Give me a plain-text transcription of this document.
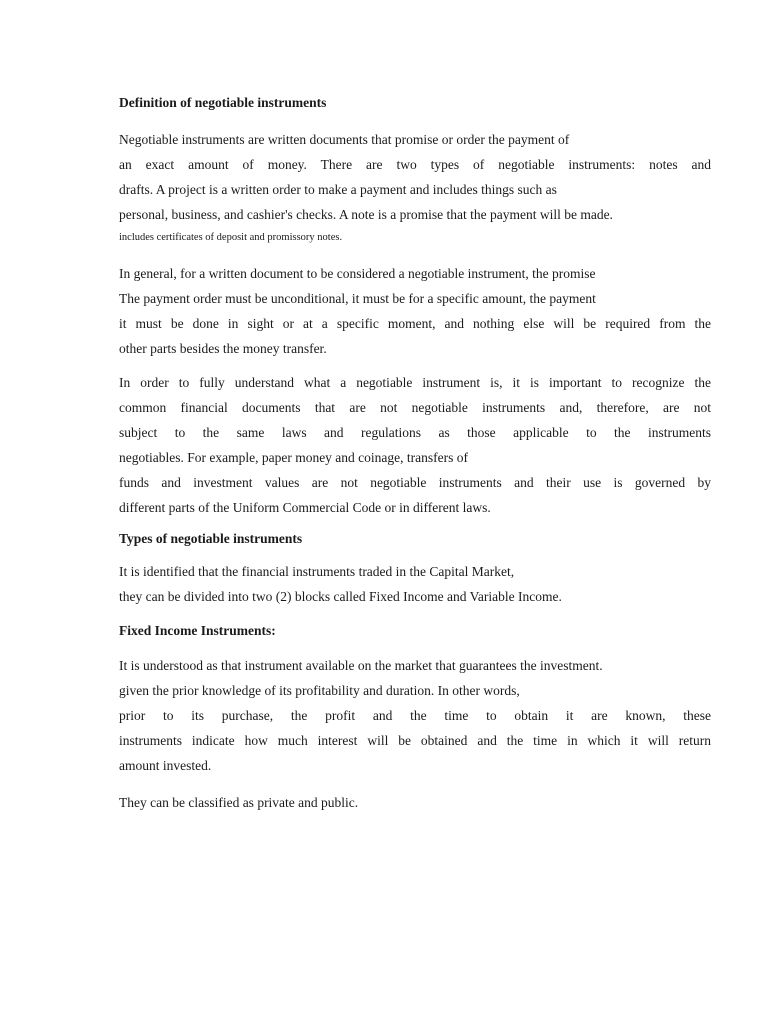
Definition of negotiable instruments
Negotiable instruments are written documents that promise or order the payment of
an exact amount of money. There are two types of negotiable instruments: notes and
drafts. A project is a written order to make a payment and includes things such as
personal, business, and cashier's checks. A note is a promise that the payment will be made.
includes certificates of deposit and promissory notes.
In general, for a written document to be considered a negotiable instrument, the promise
The payment order must be unconditional, it must be for a specific amount, the payment
it must be done in sight or at a specific moment, and nothing else will be required from the
other parts besides the money transfer.
In order to fully understand what a negotiable instrument is, it is important to recognize the
common financial documents that are not negotiable instruments and, therefore, are not
subject to the same laws and regulations as those applicable to the instruments
negotiables. For example, paper money and coinage, transfers of
funds and investment values are not negotiable instruments and their use is governed by
different parts of the Uniform Commercial Code or in different laws.
Types of negotiable instruments
It is identified that the financial instruments traded in the Capital Market,
they can be divided into two (2) blocks called Fixed Income and Variable Income.
Fixed Income Instruments:
It is understood as that instrument available on the market that guarantees the investment.
given the prior knowledge of its profitability and duration. In other words,
prior to its purchase, the profit and the time to obtain it are known, these
instruments indicate how much interest will be obtained and the time in which it will return
amount invested.
They can be classified as private and public.
